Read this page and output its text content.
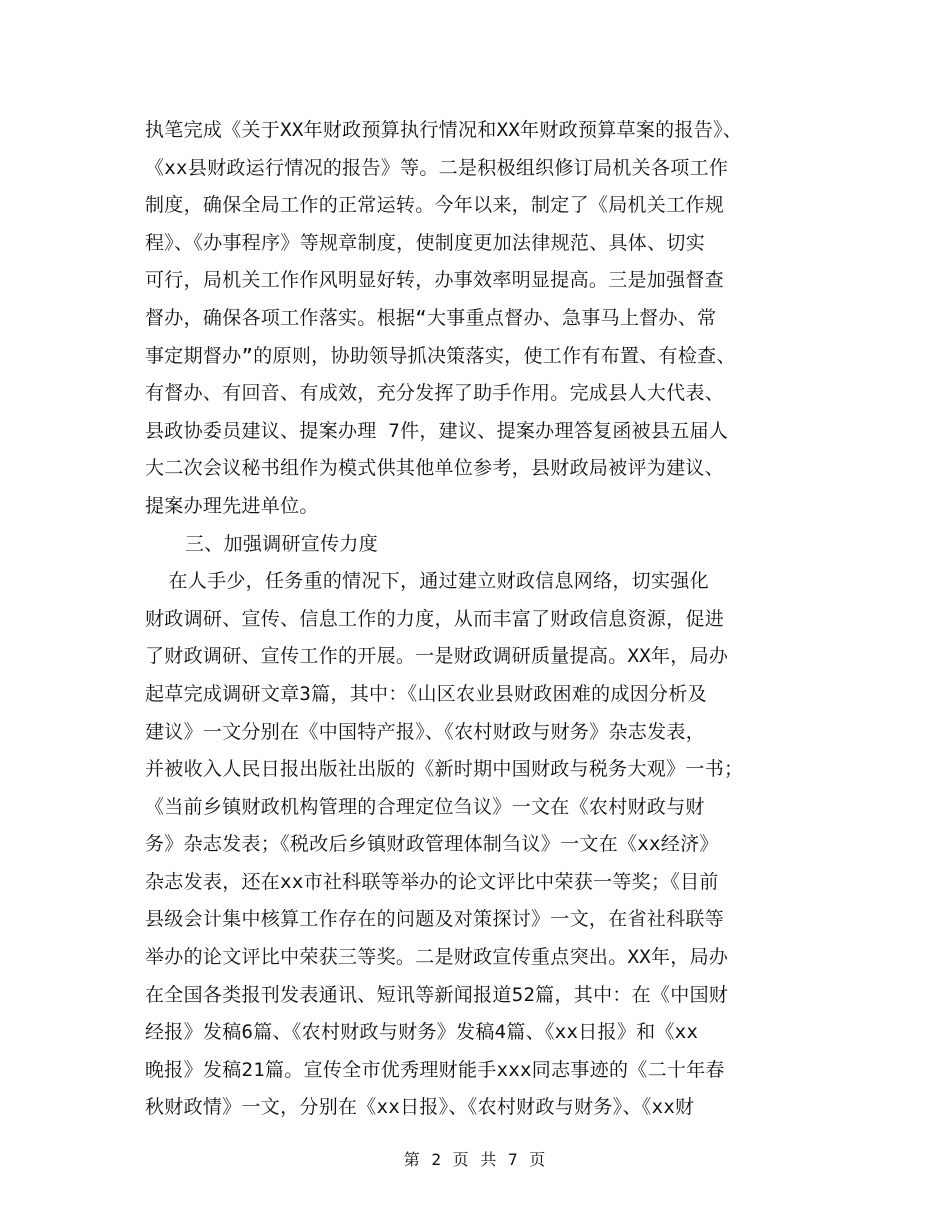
执笔完成《关于XX年财政预算执行情况和XX年财政预算草案的报告》、
《xx县财政运行情况的报告》等。二是积极组织修订局机关各项工作
制度，确保全局工作的正常运转。今年以来，制定了《局机关工作规
程》、《办事程序》等规章制度，使制度更加法律规范、具体、切实
可行，局机关工作作风明显好转，办事效率明显提高。三是加强督查
督办，确保各项工作落实。根据“大事重点督办、急事马上督办、常
事定期督办”的原则，协助领导抓决策落实，使工作有布置、有检查、
有督办、有回音、有成效，充分发挥了助手作用。完成县人大代表、
县政协委员建议、提案办理 7件，建议、提案办理答复函被县五届人
大二次会议秘书组作为模式供其他单位参考，县财政局被评为建议、
提案办理先进单位。
三、加强调研宣传力度
在人手少，任务重的情况下，通过建立财政信息网络，切实强化
财政调研、宣传、信息工作的力度，从而丰富了财政信息资源，促进
了财政调研、宣传工作的开展。一是财政调研质量提高。XX年，局办
起草完成调研文章3篇，其中：《山区农业县财政困难的成因分析及
建议》一文分别在《中国特产报》、《农村财政与财务》杂志发表，
并被收入人民日报出版社出版的《新时期中国财政与税务大观》一书；
《当前乡镇财政机构管理的合理定位刍议》一文在《农村财政与财
务》杂志发表；《税改后乡镇财政管理体制刍议》一文在《xx经济》
杂志发表，还在xx市社科联等举办的论文评比中荣获一等奖；《目前
县级会计集中核算工作存在的问题及对策探讨》一文，在省社科联等
举办的论文评比中荣获三等奖。二是财政宣传重点突出。XX年，局办
在全国各类报刊发表通讯、短讯等新闻报道52篇，其中：在《中国财
经报》发稿6篇、《农村财政与财务》发稿4篇、《xx日报》和《xx
晚报》发稿21篇。宣传全市优秀理财能手xxx同志事迹的《二十年春
秋财政情》一文，分别在《xx日报》、《农村财政与财务》、《xx财
第 2 页 共 7 页
